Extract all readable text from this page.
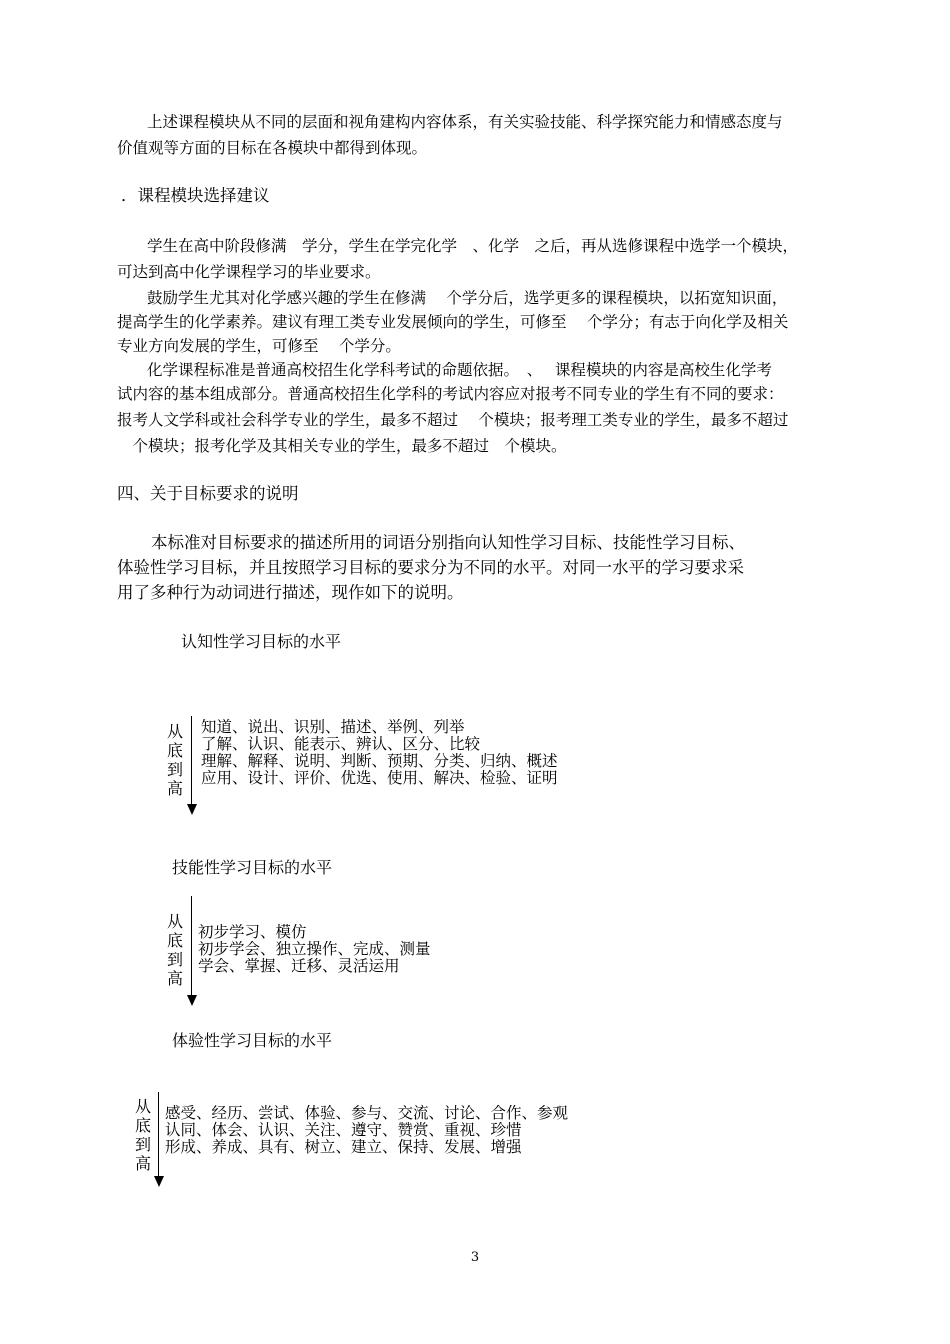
上述课程模块从不同的层面和视角建构内容体系，有关实验技能、科学探究能力和情感态度与
价值观等方面的目标在各模块中都得到体现。
．课程模块选择建议
学生在高中阶段修满　学分，学生在学完化学　、化学　之后，再从选修课程中选学一个模块，
可达到高中化学课程学习的毕业要求。
鼓励学生尤其对化学感兴趣的学生在修满　 个学分后，选学更多的课程模块，以拓宽知识面，
提高学生的化学素养。建议有理工类专业发展倾向的学生，可修至　 个学分；有志于向化学及相关
专业方向发展的学生，可修至　 个学分。
化学课程标准是普通高校招生化学科考试的命题依据。　、　 课程模块的内容是高校生化学考
试内容的基本组成部分。普通高校招生化学科的考试内容应对报考不同专业的学生有不同的要求：
报考人文学科或社会科学专业的学生，最多不超过　 个模块；报考理工类专业的学生，最多不超过
　个模块；报考化学及其相关专业的学生，最多不超过　个模块。
四、关于目标要求的说明
本标准对目标要求的描述所用的词语分别指向认知性学习目标、技能性学习目标、
体验性学习目标，并且按照学习目标的要求分为不同的水平。对同一水平的学习要求采
用了多种行为动词进行描述，现作如下的说明。
认知性学习目标的水平
从
底
到
高
知道、说出、识别、描述、举例、列举
了解、认识、能表示、辨认、区分、比较
理解、解释、说明、判断、预期、分类、归纳、概述
应用、设计、评价、优选、使用、解决、检验、证明
技能性学习目标的水平
从
底
到
高
初步学习、模仿
初步学会、独立操作、完成、测量
学会、掌握、迁移、灵活运用
体验性学习目标的水平
从
底
到
高
感受、经历、尝试、体验、参与、交流、讨论、合作、参观
认同、体会、认识、关注、遵守、赞赏、重视、珍惜
形成、养成、具有、树立、建立、保持、发展、增强
3
